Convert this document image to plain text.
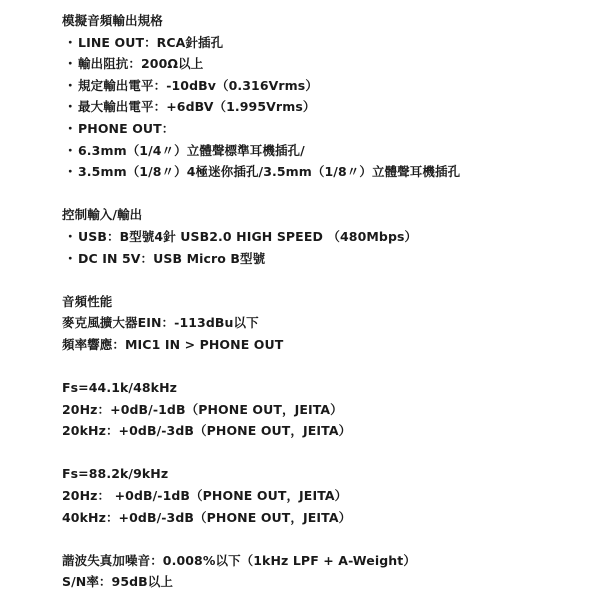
模擬音頻輸出規格
・LINE OUT：RCA針插孔
・輸出阻抗：200Ω以上
・規定輸出電平：-10dBv（0.316Vrms）
・最大輸出電平：+6dBV（1.995Vrms）
・PHONE OUT：
・6.3mm（1/4〃）立體聲標準耳機插孔/
・3.5mm（1/8〃）4極迷你插孔/3.5mm（1/8〃）立體聲耳機插孔
控制輸入/輸出
・USB：B型號4針 USB2.0 HIGH SPEED （480Mbps）
・DC IN 5V：USB Micro B型號
音頻性能
麥克風擴大器EIN：-113dBu以下
頻率響應：MIC1 IN > PHONE OUT
Fs=44.1k/48kHz
20Hz：+0dB/-1dB（PHONE OUT，JEITA）
20kHz：+0dB/-3dB（PHONE OUT，JEITA）
Fs=88.2k/9kHz
20Hz： +0dB/-1dB（PHONE OUT，JEITA）
40kHz：+0dB/-3dB（PHONE OUT，JEITA）
諧波失真加噪音：0.008%以下（1kHz LPF + A-Weight）
S/N率：95dB以上
